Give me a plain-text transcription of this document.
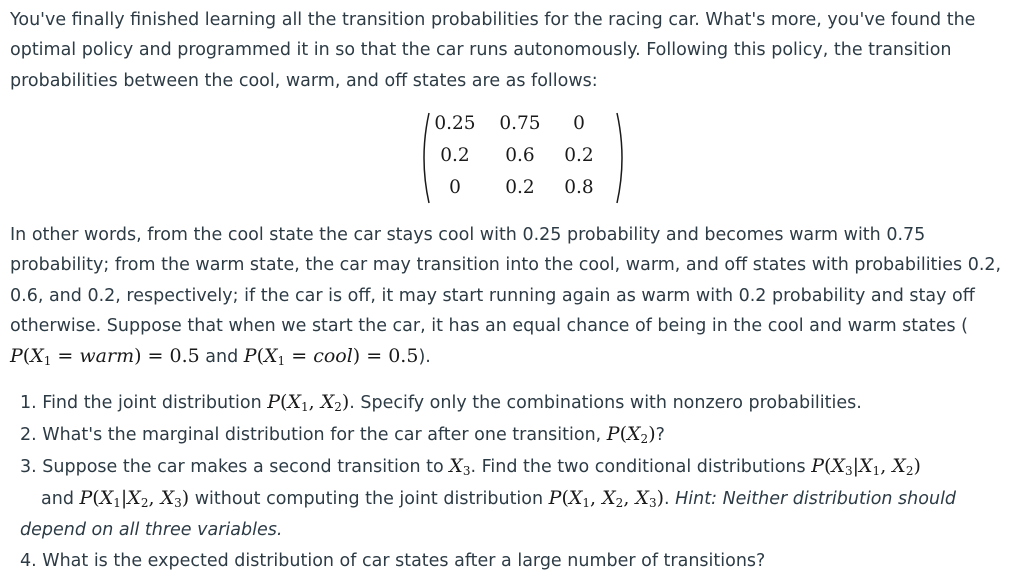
You've finally finished learning all the transition probabilities for the racing car. What's more, you've found the optimal policy and programmed it in so that the car runs autonomously. Following this policy, the transition probabilities between the cool, warm, and off states are as follows:

0.25	0.75	0
0.2	0.6	0.2
0	0.2	0.8

In other words, from the cool state the car stays cool with 0.25 probability and becomes warm with 0.75 probability; from the warm state, the car may transition into the cool, warm, and off states with probabilities 0.2, 0.6, and 0.2, respectively; if the car is off, it may start running again as warm with 0.2 probability and stay off otherwise. Suppose that when we start the car, it has an equal chance of being in the cool and warm states (
$P(X_1$ = warm) = 0.5 and $P(X_1$ = cool) = 0.5).

1. Find the joint distribution $P(X_1$, $X_2$). Specify only the combinations with nonzero probabilities.
2. What's the marginal distribution for the car after one transition, $P(X_2)$?
3. Suppose the car makes a second transition to $X_3$. Find the two conditional distributions $P(X_3|X_1$, $X_2$)
and $P(X_1|X_2$, $X_3$) without computing the joint distribution $P(X_1$, $X_2$, $X_3$). Hint: Neither distribution should depend on all three variables.
4. What is the expected distribution of car states after a large number of transitions?
